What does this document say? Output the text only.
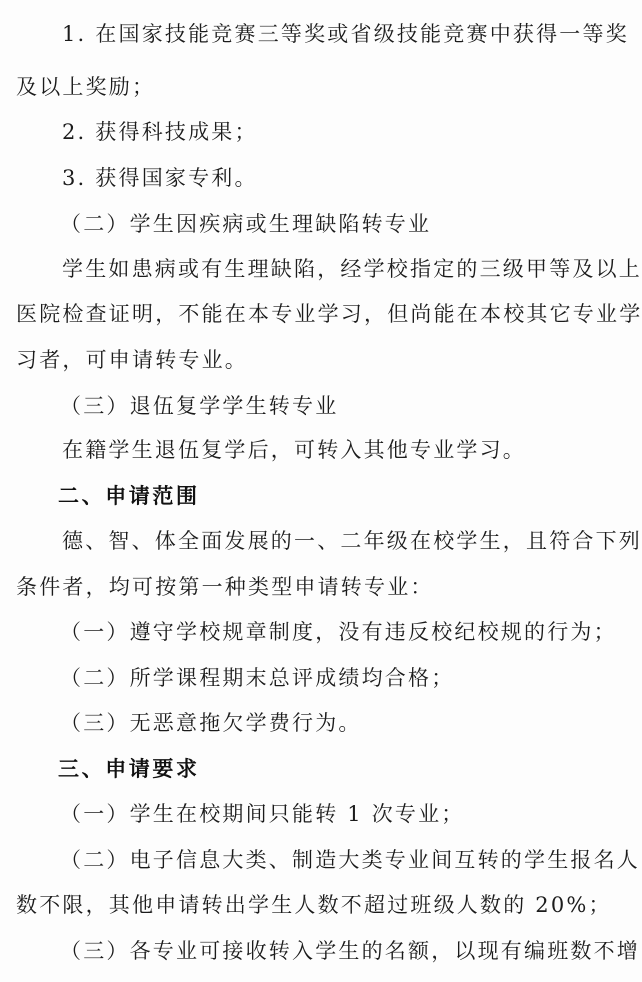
1. 在国家技能竞赛三等奖或省级技能竞赛中获得一等奖
及以上奖励；
2. 获得科技成果；
3. 获得国家专利。
（二）学生因疾病或生理缺陷转专业
学生如患病或有生理缺陷，经学校指定的三级甲等及以上
医院检查证明，不能在本专业学习，但尚能在本校其它专业学
习者，可申请转专业。
（三）退伍复学学生转专业
在籍学生退伍复学后，可转入其他专业学习。
二、申请范围
德、智、体全面发展的一、二年级在校学生，且符合下列
条件者，均可按第一种类型申请转专业：
（一）遵守学校规章制度，没有违反校纪校规的行为；
（二）所学课程期末总评成绩均合格；
（三）无恶意拖欠学费行为。
三、申请要求
（一）学生在校期间只能转 1 次专业；
（二）电子信息大类、制造大类专业间互转的学生报名人
数不限，其他申请转出学生人数不超过班级人数的 20%；
（三）各专业可接收转入学生的名额，以现有编班数不增
